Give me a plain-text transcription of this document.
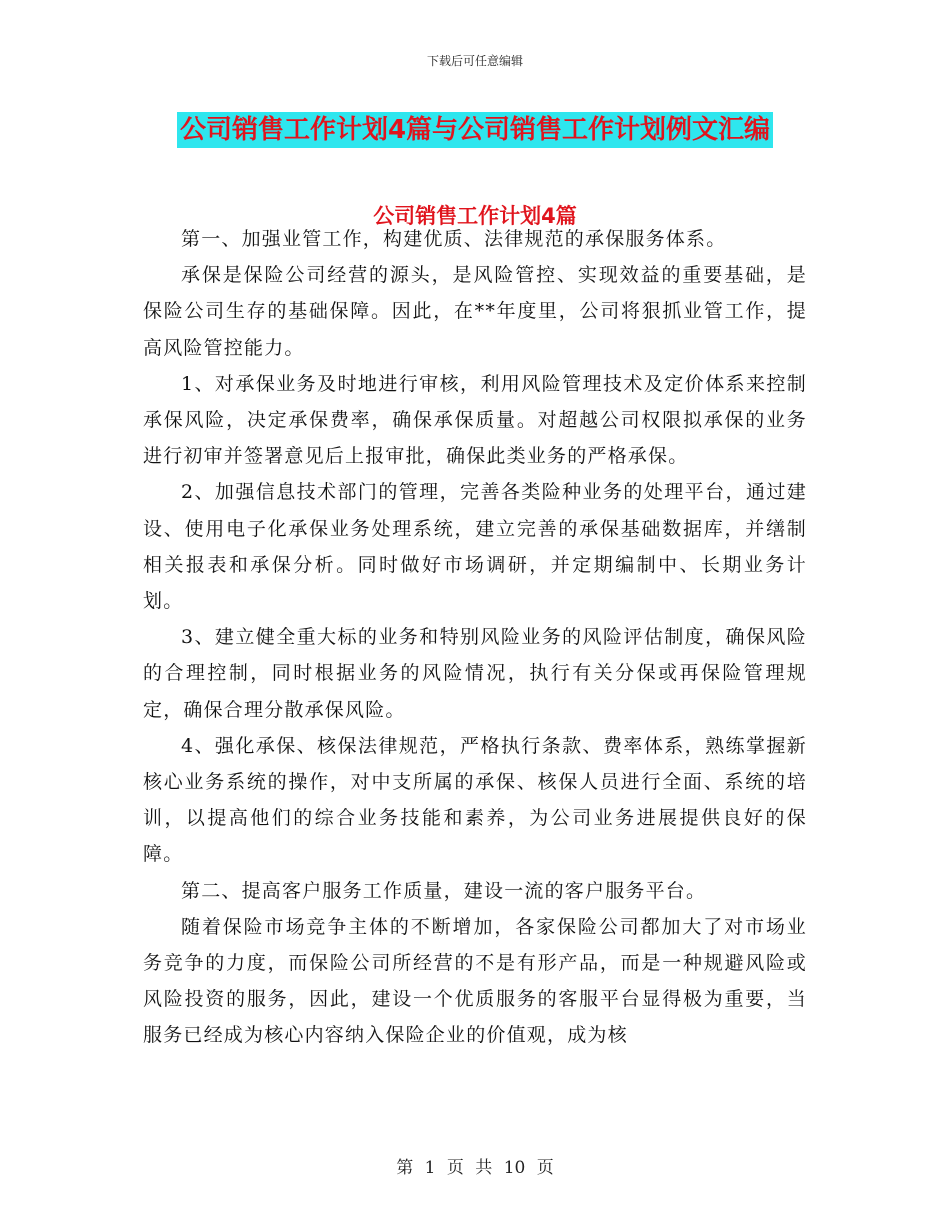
下载后可任意编辑
公司销售工作计划4篇与公司销售工作计划例文汇编
公司销售工作计划4篇

第一、加强业管工作，构建优质、法律规范的承保服务体系。

承保是保险公司经营的源头，是风险管控、实现效益的重要基础，是保险公司生存的基础保障。因此，在**年度里，公司将狠抓业管工作，提高风险管控能力。

1、对承保业务及时地进行审核，利用风险管理技术及定价体系来控制承保风险，决定承保费率，确保承保质量。对超越公司权限拟承保的业务进行初审并签署意见后上报审批，确保此类业务的严格承保。

2、加强信息技术部门的管理，完善各类险种业务的处理平台，通过建设、使用电子化承保业务处理系统，建立完善的承保基础数据库，并缮制相关报表和承保分析。同时做好市场调研，并定期编制中、长期业务计划。

3、建立健全重大标的业务和特别风险业务的风险评估制度，确保风险的合理控制，同时根据业务的风险情况，执行有关分保或再保险管理规定，确保合理分散承保风险。

4、强化承保、核保法律规范，严格执行条款、费率体系，熟练掌握新核心业务系统的操作，对中支所属的承保、核保人员进行全面、系统的培训，以提高他们的综合业务技能和素养，为公司业务进展提供良好的保障。

第二、提高客户服务工作质量，建设一流的客户服务平台。

随着保险市场竞争主体的不断增加，各家保险公司都加大了对市场业务竞争的力度，而保险公司所经营的不是有形产品，而是一种规避风险或风险投资的服务，因此，建设一个优质服务的客服平台显得极为重要，当服务已经成为核心内容纳入保险企业的价值观，成为核

第 1 页 共 10 页
